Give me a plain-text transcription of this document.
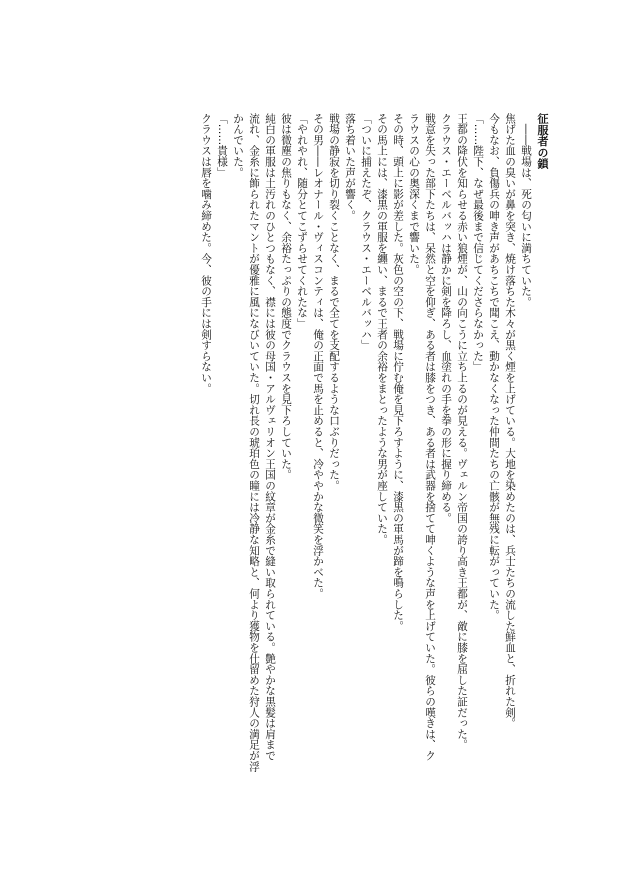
征服者の鎖

　――戦場は、死の匂いに満ちていた。

焦げた血の臭いが鼻を突き、焼け落ちた木々が黒く煙を上げている。大地を染めたのは、兵士たちの流した鮮血と、折れた剣。

今もなお、負傷兵の呻き声があちこちで聞こえ、動かなくなった仲間たちの亡骸が無残に転がっていた。

「……陛下、なぜ最後まで信じてくださらなかった」

王都の降伏を知らせる赤い狼煙が、山の向こうに立ち上るのが見える。ヴェルン帝国の誇り高き王都が、敵に膝を屈した証だった。

クラウス・エーベルバッハは静かに剣を降ろし、血塗れの手を拳の形に握り締める。

戦意を失った部下たちは、呆然と空を仰ぎ、ある者は膝をつき、ある者は武器を捨てて呻くような声を上げていた。彼らの嘆きは、ク

ラウスの心の奥深くまで響いた。

その時、頭上に影が差した。灰色の空の下、戦場に佇む俺を見下ろすように、漆黒の軍馬が蹄を鳴らした。

その馬上には、漆黒の軍服を纏い、まるで王者の余裕をまとったような男が座していた。

「ついに捕えたぞ、クラウス・エーベルバッハ」

落ち着いた声が響く。

戦場の静寂を切り裂くことなく、まるで全てを支配するような口ぶりだった。

その男――レオナール・ヴィスコンティは、俺の正面で馬を止めると、冷ややかな微笑を浮かべた。

「やれやれ、随分とてこずらせてくれたな」

彼は微塵の焦りもなく、余裕たっぷりの態度でクラウスを見下ろしていた。

純白の軍服は土汚れのひとつもなく、襟には彼の母国・アルヴェリオン王国の紋章が金糸で縫い取られている。艶やかな黒髪は肩まで

流れ、金糸に飾られたマントが優雅に風になびいていた。切れ長の琥珀色の瞳には冷静な知略と、何より獲物を仕留めた狩人の満足が浮

かんでいた。

「……貴様」

クラウスは唇を噛み締めた。今、彼の手には剣すらない。
